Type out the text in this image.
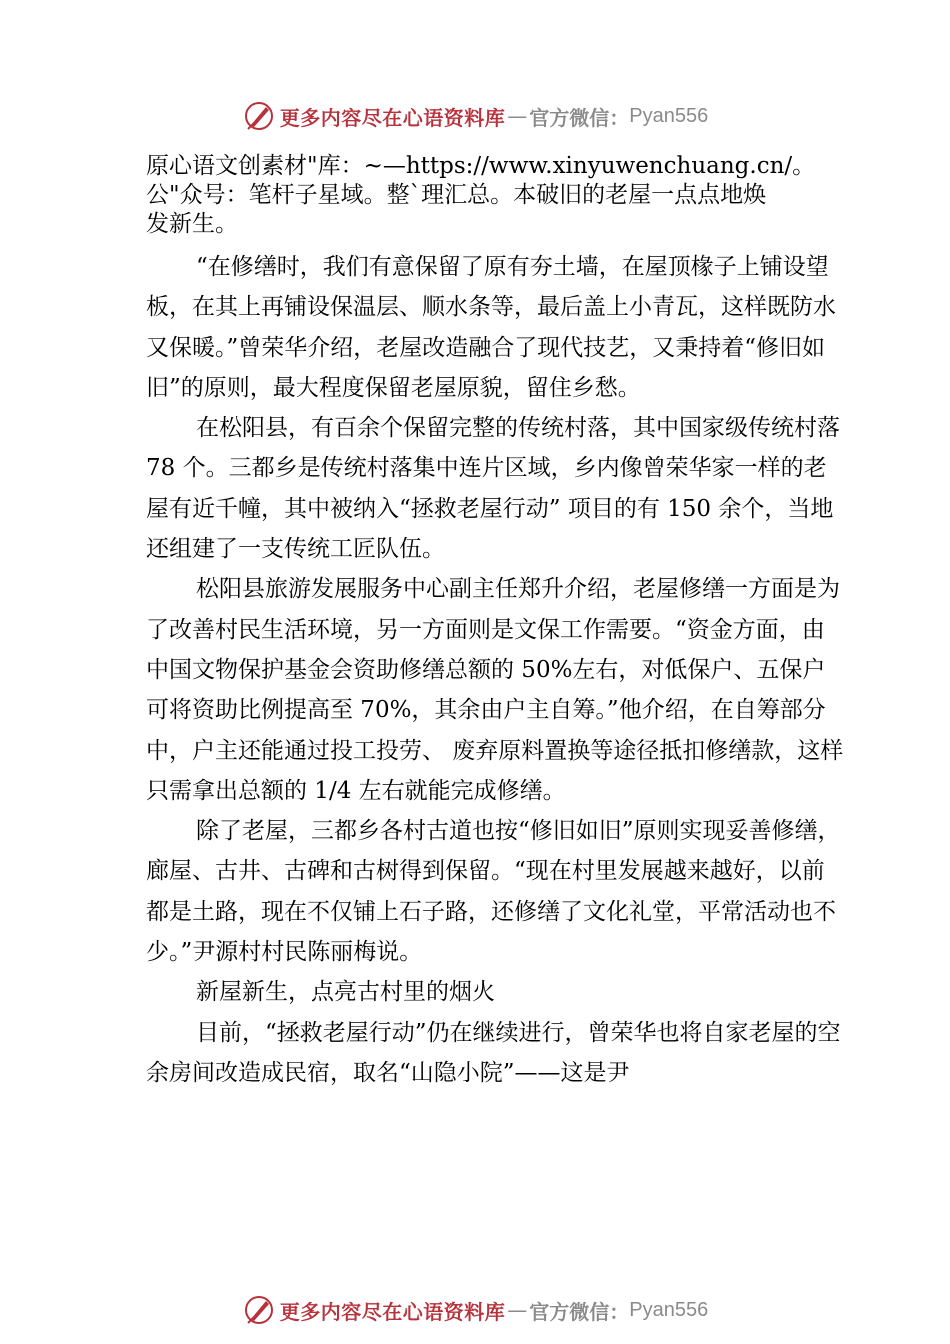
更多内容尽在心语资料库 — 官方微信： Pyan556
原心语文创素材"库：~—https://www.xinyuwenchuang.cn/。
公"众号：笔杆子星域。整`理汇总。本破旧的老屋一点点地焕
发新生。

“在修缮时，我们有意保留了原有夯土墙，在屋顶椽子上铺设望板，在其上再铺设保温层、顺水条等，最后盖上小青瓦，这样既防水又保暖。”曾荣华介绍，老屋改造融合了现代技艺，又秉持着“修旧如旧”的原则，最大程度保留老屋原貌，留住乡愁。

在松阳县，有百余个保留完整的传统村落，其中国家级传统村落 78 个。三都乡是传统村落集中连片区域，乡内像曾荣华家一样的老屋有近千幢，其中被纳入“拯救老屋行动” 项目的有 150 余个，当地还组建了一支传统工匠队伍。

松阳县旅游发展服务中心副主任郑升介绍，老屋修缮一方面是为了改善村民生活环境，另一方面则是文保工作需要。“资金方面，由中国文物保护基金会资助修缮总额的 50%左右，对低保户、五保户可将资助比例提高至 70%，其余由户主自筹。”他介绍，在自筹部分中，户主还能通过投工投劳、 废弃原料置换等途径抵扣修缮款，这样只需拿出总额的 1/4 左右就能完成修缮。

除了老屋，三都乡各村古道也按“修旧如旧”原则实现妥善修缮，廊屋、古井、古碑和古树得到保留。“现在村里发展越来越好，以前都是土路，现在不仅铺上石子路，还修缮了文化礼堂，平常活动也不少。”尹源村村民陈丽梅说。

新屋新生，点亮古村里的烟火

目前，“拯救老屋行动”仍在继续进行，曾荣华也将自家老屋的空余房间改造成民宿，取名“山隐小院”——这是尹

更多内容尽在心语资料库 — 官方微信： Pyan556
